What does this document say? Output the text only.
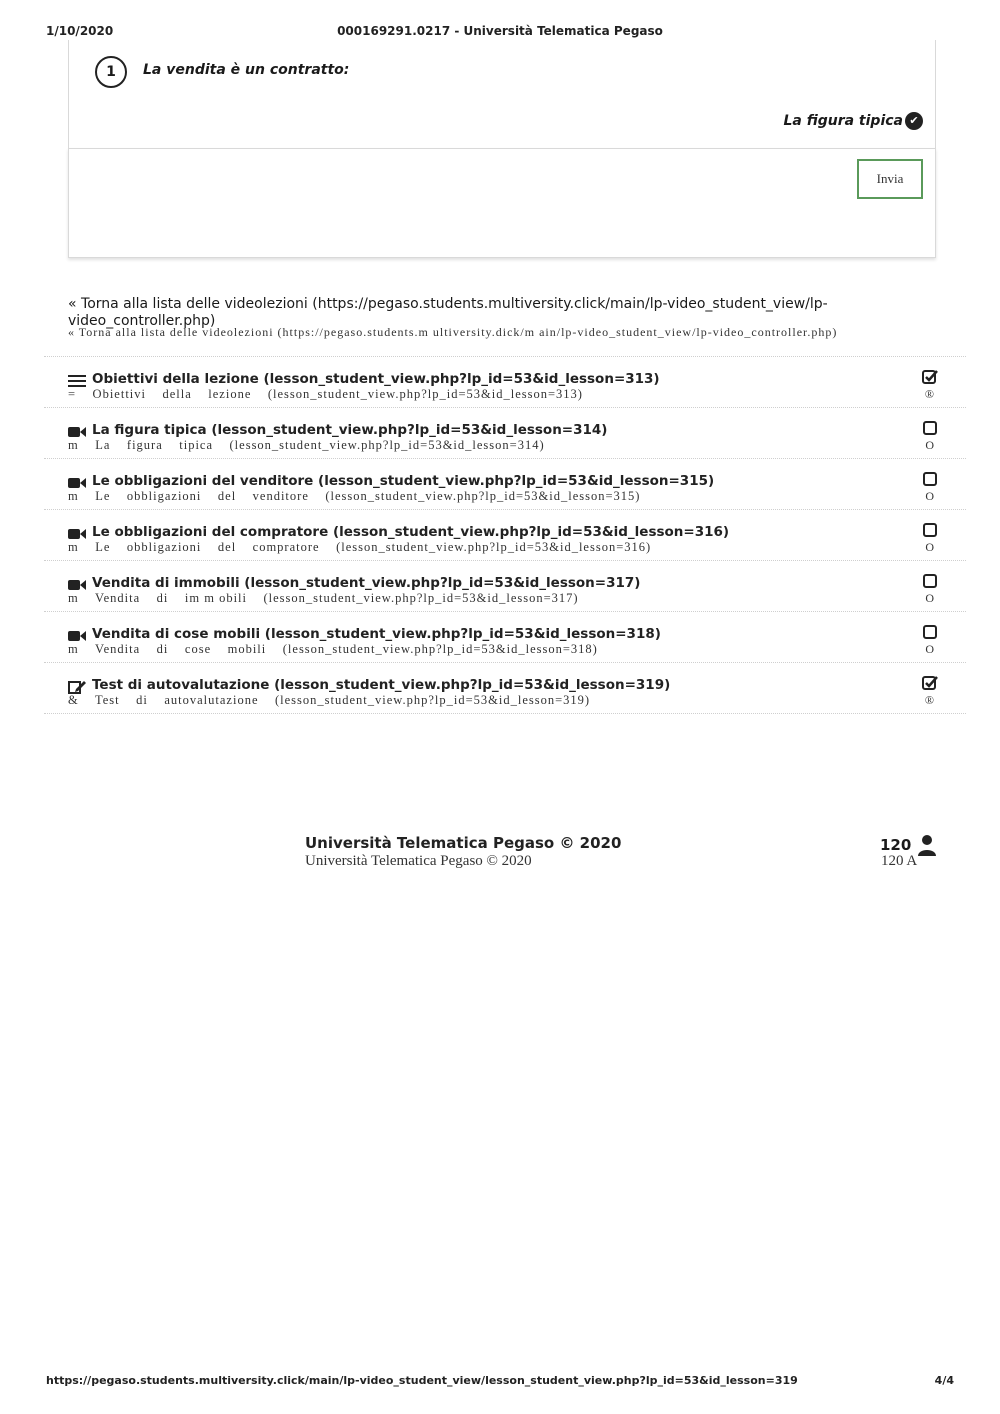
1/10/2020	000169291.0217 - Università Telematica Pegaso
1	La vendita è un contratto:
La figura tipica ✔
Invia
« Torna alla lista delle videolezioni (https://pegaso.students.multiversity.click/main/lp-video_student_view/lp-video_controller.php)
« Torna alla lista delle videolezioni (https://pegaso.students.m ultiversity.dick/m ain/lp-video_student_view/lp-video_controller.php)
Obiettivi della lezione (lesson_student_view.php?lp_id=53&id_lesson=313)
=    Obiettivi    della    lezione    (lesson_student_view.php?lp_id=53&id_lesson=313)	®
La figura tipica (lesson_student_view.php?lp_id=53&id_lesson=314)
m    La    figura    tipica    (lesson_student_view.php?lp_id=53&id_lesson=314)	O
Le obbligazioni del venditore (lesson_student_view.php?lp_id=53&id_lesson=315)
m    Le    obbligazioni    del    venditore    (lesson_student_view.php?lp_id=53&id_lesson=315)	O
Le obbligazioni del compratore (lesson_student_view.php?lp_id=53&id_lesson=316)
m    Le    obbligazioni    del    compratore    (lesson_student_view.php?lp_id=53&id_lesson=316)	O
Vendita di immobili (lesson_student_view.php?lp_id=53&id_lesson=317)
m    Vendita    di    im m obili    (lesson_student_view.php?lp_id=53&id_lesson=317)	O
Vendita di cose mobili (lesson_student_view.php?lp_id=53&id_lesson=318)
m    Vendita    di    cose    mobili    (lesson_student_view.php?lp_id=53&id_lesson=318)	O
Test di autovalutazione (lesson_student_view.php?lp_id=53&id_lesson=319)
&    Test    di    autovalutazione    (lesson_student_view.php?lp_id=53&id_lesson=319)	®
Università Telematica Pegaso © 2020
Università Telematica Pegaso © 2020
120
120 A
https://pegaso.students.multiversity.click/main/lp-video_student_view/lesson_student_view.php?lp_id=53&id_lesson=319	4/4
